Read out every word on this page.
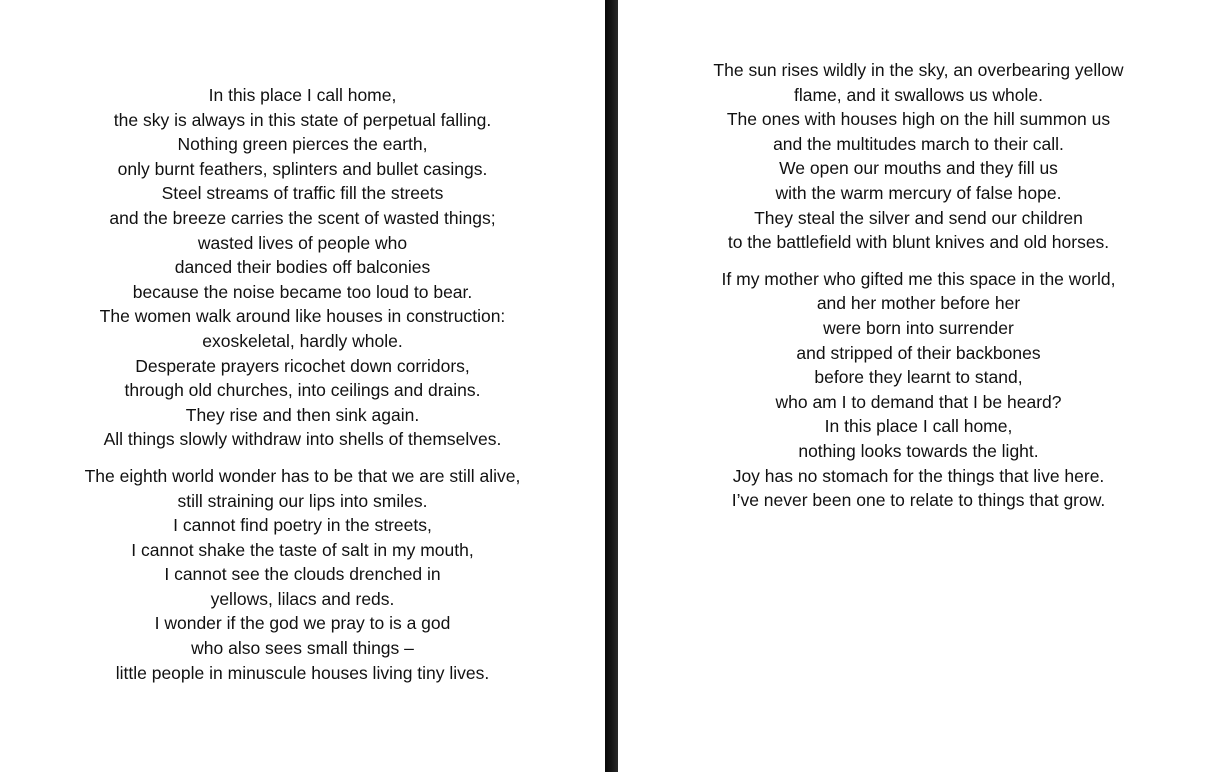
In this place I call home,
the sky is always in this state of perpetual falling.
Nothing green pierces the earth,
only burnt feathers, splinters and bullet casings.
Steel streams of traffic fill the streets
and the breeze carries the scent of wasted things;
wasted lives of people who
danced their bodies off balconies
because the noise became too loud to bear.
The women walk around like houses in construction:
exoskeletal, hardly whole.
Desperate prayers ricochet down corridors,
through old churches, into ceilings and drains.
They rise and then sink again.
All things slowly withdraw into shells of themselves.
The eighth world wonder has to be that we are still alive,
still straining our lips into smiles.
I cannot find poetry in the streets,
I cannot shake the taste of salt in my mouth,
I cannot see the clouds drenched in
yellows, lilacs and reds.
I wonder if the god we pray to is a god
who also sees small things –
little people in minuscule houses living tiny lives.
The sun rises wildly in the sky, an overbearing yellow
flame, and it swallows us whole.
The ones with houses high on the hill summon us
and the multitudes march to their call.
We open our mouths and they fill us
with the warm mercury of false hope.
They steal the silver and send our children
to the battlefield with blunt knives and old horses.
If my mother who gifted me this space in the world,
and her mother before her
were born into surrender
and stripped of their backbones
before they learnt to stand,
who am I to demand that I be heard?
In this place I call home,
nothing looks towards the light.
Joy has no stomach for the things that live here.
I’ve never been one to relate to things that grow.
